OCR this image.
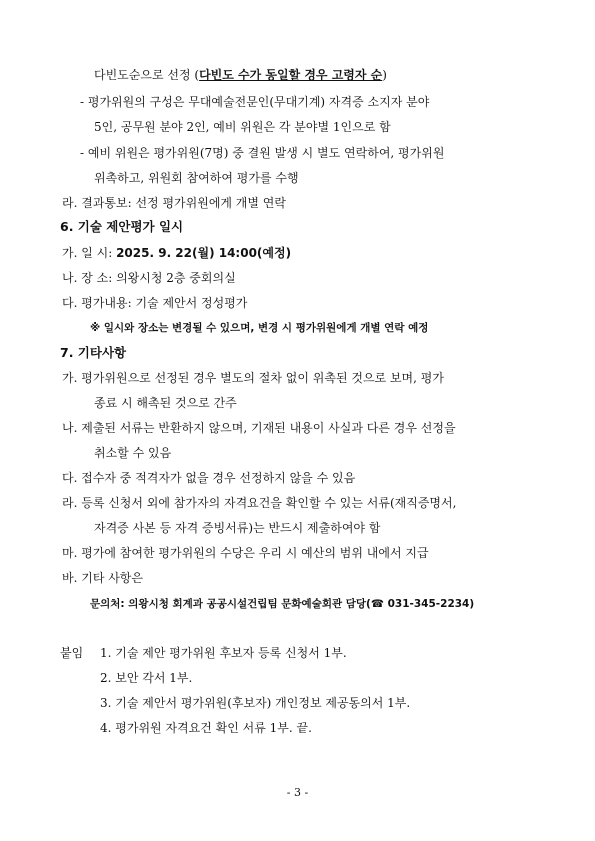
다빈도순으로 선정 (다빈도 수가 동일할 경우 고령자 순)
- 평가위원의 구성은 무대예술전문인(무대기계) 자격증 소지자 분야
5인, 공무원 분야 2인, 예비 위원은 각 분야별 1인으로 함
- 예비 위원은 평가위원(7명) 중 결원 발생 시 별도 연락하여, 평가위원
위촉하고, 위원회 참여하여 평가를 수행
라. 결과통보: 선정 평가위원에게 개별 연락
6. 기술 제안평가 일시
가. 일 시: 2025. 9. 22(월) 14:00(예정)
나. 장 소: 의왕시청 2층 중회의실
다. 평가내용: 기술 제안서 정성평가
※ 일시와 장소는 변경될 수 있으며, 변경 시 평가위원에게 개별 연락 예정
7. 기타사항
가. 평가위원으로 선정된 경우 별도의 절차 없이 위촉된 것으로 보며, 평가
종료 시 해촉된 것으로 간주
나. 제출된 서류는 반환하지 않으며, 기재된 내용이 사실과 다른 경우 선정을
취소할 수 있음
다. 접수자 중 적격자가 없을 경우 선정하지 않을 수 있음
라. 등록 신청서 외에 참가자의 자격요건을 확인할 수 있는 서류(재직증명서,
자격증 사본 등 자격 증빙서류)는 반드시 제출하여야 함
마. 평가에 참여한 평가위원의 수당은 우리 시 예산의 범위 내에서 지급
바. 기타 사항은
문의처: 의왕시청 회계과 공공시설건립팀 문화예술회관 담당(☎ 031-345-2234)
붙임 1. 기술 제안 평가위원 후보자 등록 신청서 1부.
2. 보안 각서 1부.
3. 기술 제안서 평가위원(후보자) 개인정보 제공동의서 1부.
4. 평가위원 자격요건 확인 서류 1부. 끝.
- 3 -
